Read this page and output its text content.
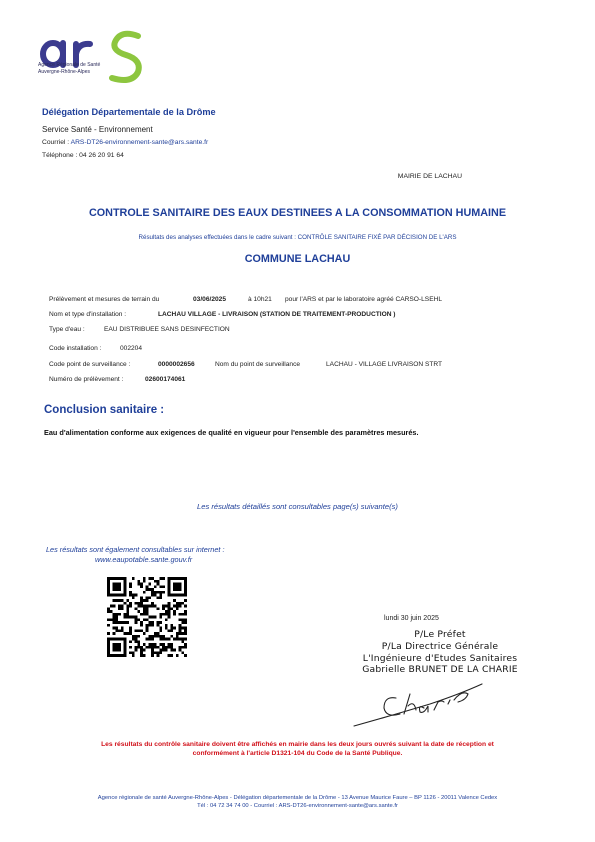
Agence Régionale de Santé
Auvergne-Rhône-Alpes
Délégation Départementale de la Drôme
Service Santé - Environnement
Courriel : ARS-DT26-environnement-sante@ars.sante.fr
Téléphone : 04 26 20 91 64
MAIRIE DE LACHAU
CONTROLE SANITAIRE DES EAUX DESTINEES A LA CONSOMMATION HUMAINE
Résultats des analyses effectuées dans le cadre suivant : CONTRÔLE SANITAIRE FIXÉ PAR DÉCISION DE L'ARS
COMMUNE LACHAU
Prélèvement et mesures de terrain du	03/06/2025	à 10h21 pour l'ARS et par le laboratoire agréé CARSO-LSEHL
Nom et type d'installation :	LACHAU VILLAGE - LIVRAISON (STATION DE TRAITEMENT-PRODUCTION )
Type d'eau :	EAU DISTRIBUEE SANS DESINFECTION
Code installation :	002204
Code point de surveillance :	0000002656	Nom du point de surveillance	LACHAU - VILLAGE LIVRAISON STRT
Numéro de prélèvement :	02600174061
Conclusion sanitaire :
Eau d'alimentation conforme aux exigences de qualité en vigueur pour l'ensemble des paramètres mesurés.
Les résultats détaillés sont consultables page(s) suivante(s)
Les résultats sont également consultables sur internet :
www.eaupotable.sante.gouv.fr
lundi 30 juin 2025
P/Le Préfet
P/La Directrice Générale
L'Ingénieure d'Etudes Sanitaires
Gabrielle BRUNET DE LA CHARIE
Les résultats du contrôle sanitaire doivent être affichés en mairie dans les deux jours ouvrés suivant la date de réception et
conformément à l'article D1321-104 du Code de la Santé Publique.
Agence régionale de santé Auvergne-Rhône-Alpes - Délégation départementale de la Drôme - 13 Avenue Maurice Faure – BP 1126 - 20011 Valence Cedex
Tél : 04 72 34 74 00 - Courriel : ARS-DT26-environnement-sante@ars.sante.fr
